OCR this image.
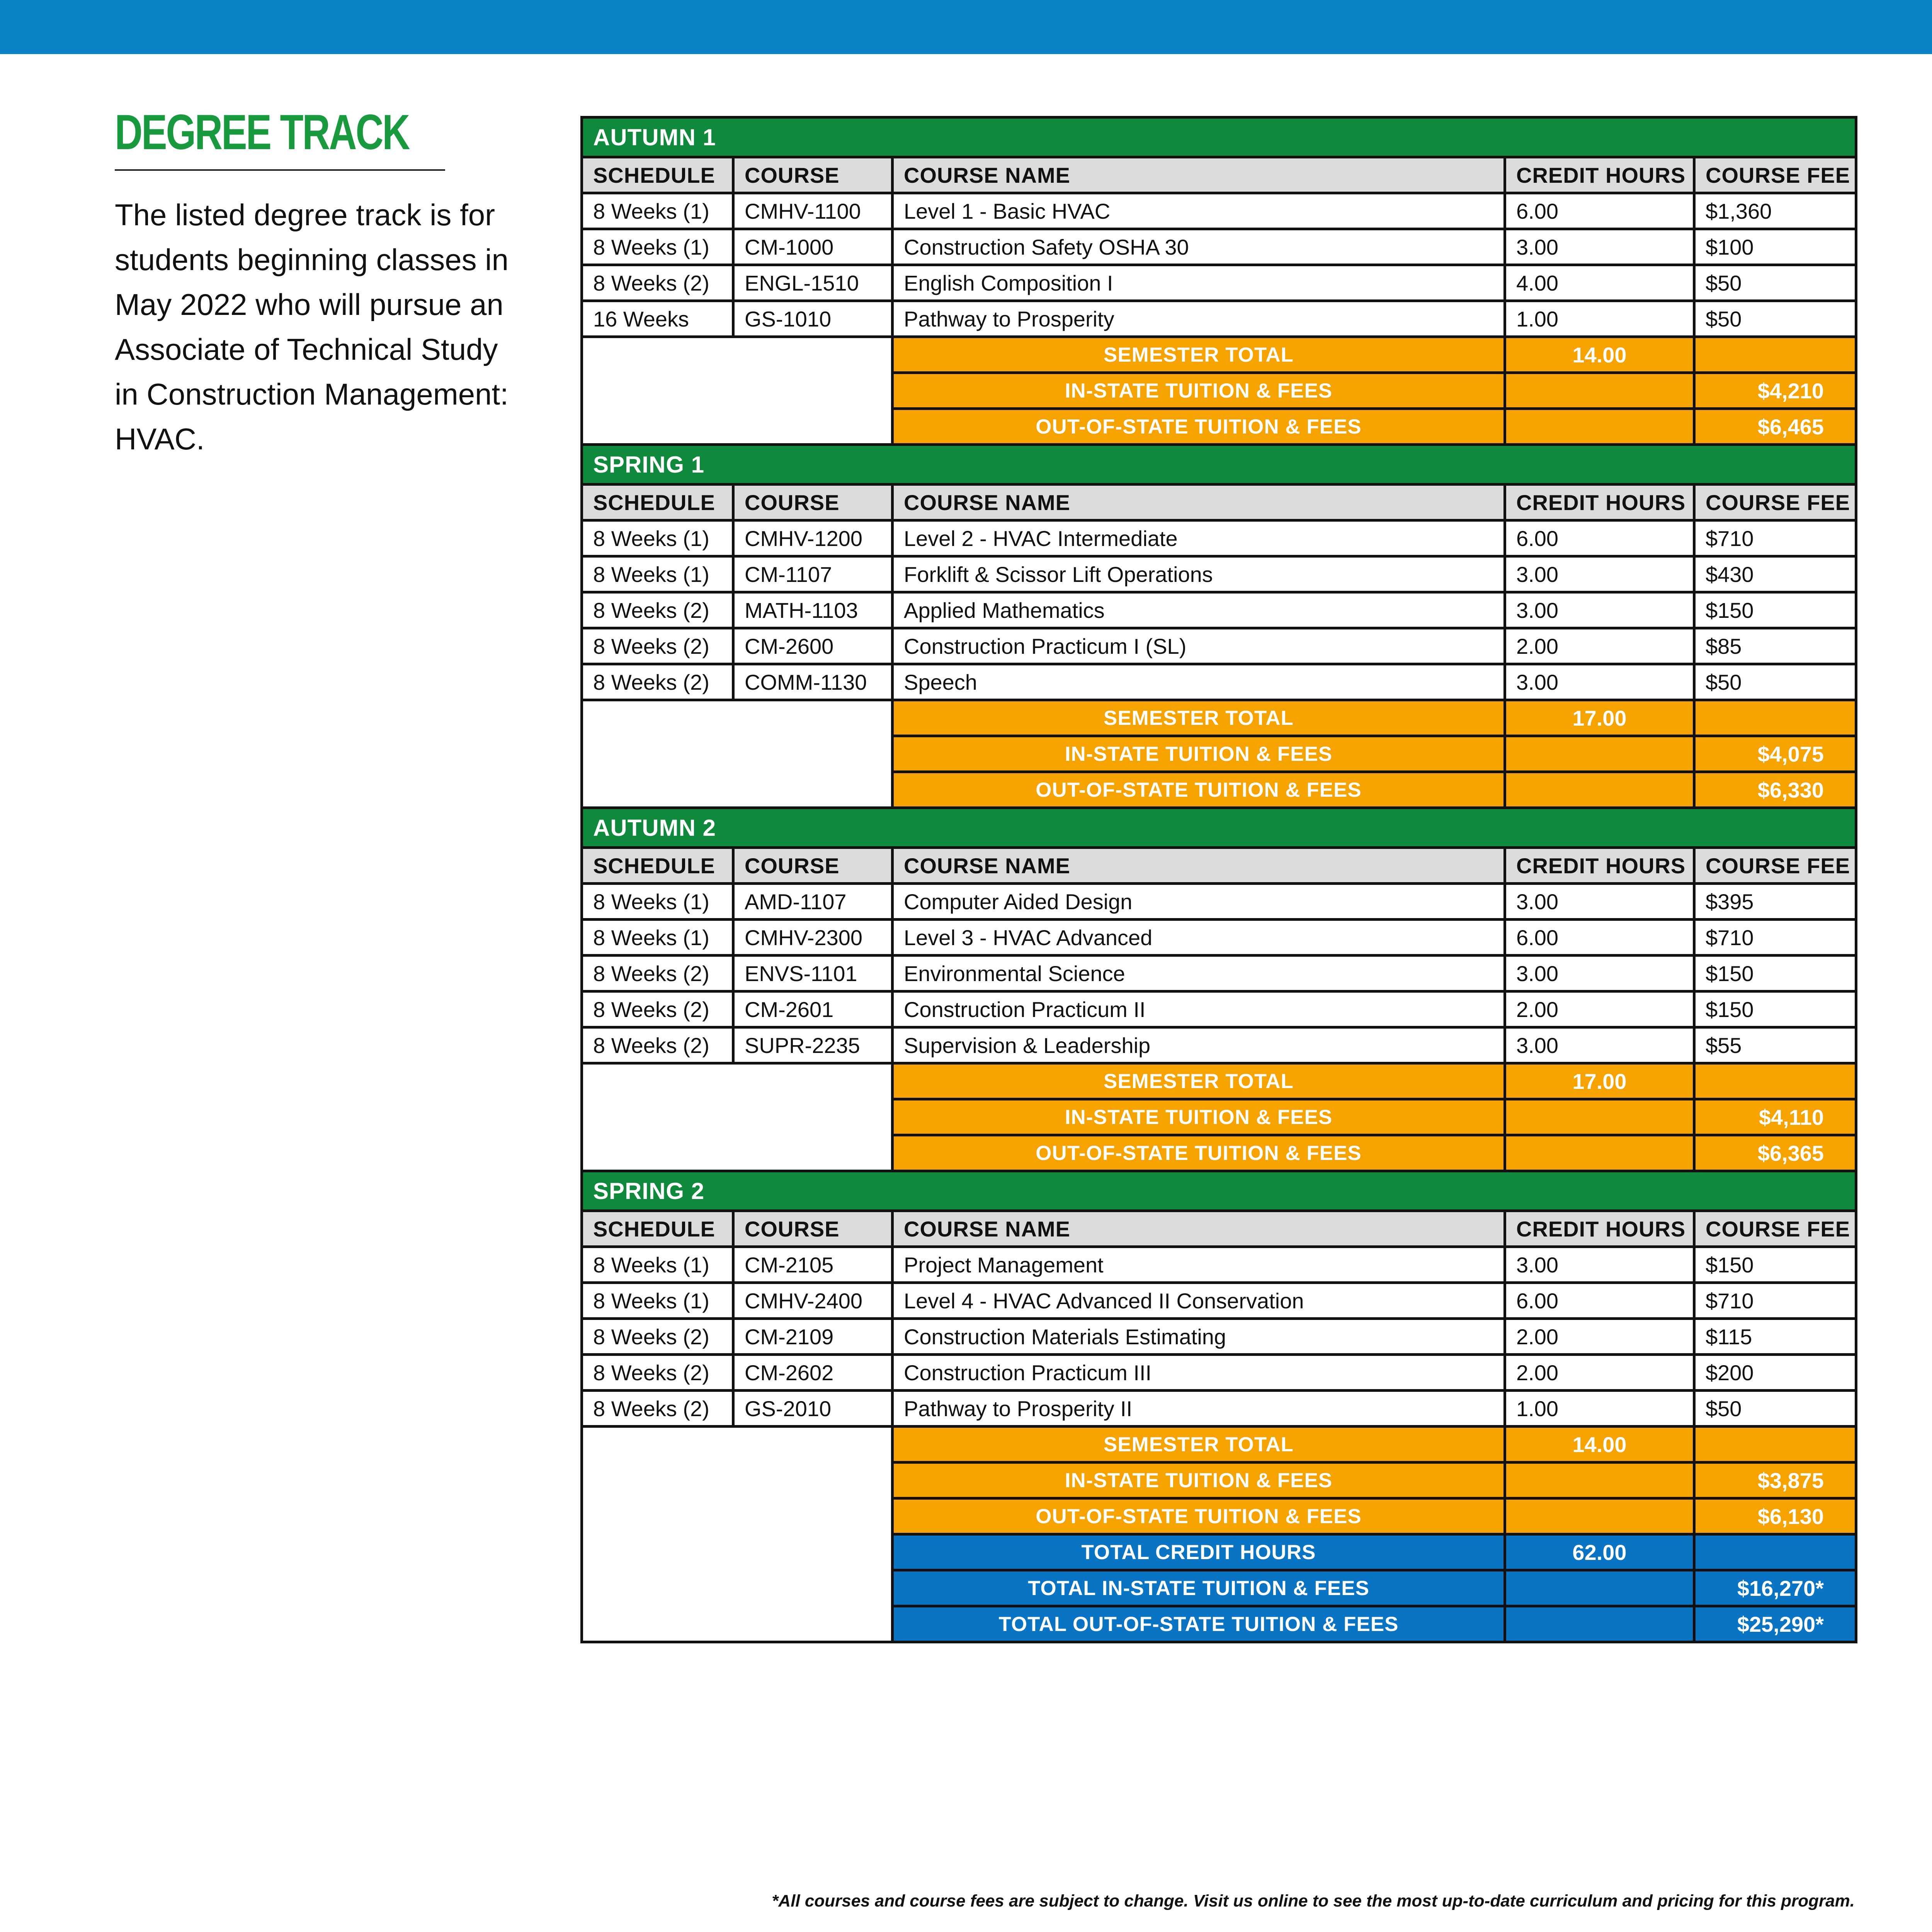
DEGREE TRACK
The listed degree track is for students beginning classes in May 2022 who will pursue an Associate of Technical Study in Construction Management: HVAC.
AUTUMN 1				
SCHEDULE	COURSE	COURSE NAME	CREDIT HOURS	COURSE FEE
8 Weeks (1)	CMHV-1100	Level 1 - Basic HVAC	6.00	$1,360
8 Weeks (1)	CM-1000	Construction Safety OSHA 30	3.00	$100
8 Weeks (2)	ENGL-1510	English Composition I	4.00	$50
16 Weeks	GS-1010	Pathway to Prosperity	1.00	$50
		SEMESTER TOTAL	14.00	
		IN-STATE TUITION & FEES		$4,210
		OUT-OF-STATE TUITION & FEES		$6,465
SPRING 1				
SCHEDULE	COURSE	COURSE NAME	CREDIT HOURS	COURSE FEE
8 Weeks (1)	CMHV-1200	Level 2 - HVAC Intermediate	6.00	$710
8 Weeks (1)	CM-1107	Forklift & Scissor Lift Operations	3.00	$430
8 Weeks (2)	MATH-1103	Applied Mathematics	3.00	$150
8 Weeks (2)	CM-2600	Construction Practicum I (SL)	2.00	$85
8 Weeks (2)	COMM-1130	Speech	3.00	$50
		SEMESTER TOTAL	17.00	
		IN-STATE TUITION & FEES		$4,075
		OUT-OF-STATE TUITION & FEES		$6,330
AUTUMN 2				
SCHEDULE	COURSE	COURSE NAME	CREDIT HOURS	COURSE FEE
8 Weeks (1)	AMD-1107	Computer Aided Design	3.00	$395
8 Weeks (1)	CMHV-2300	Level 3 - HVAC Advanced	6.00	$710
8 Weeks (2)	ENVS-1101	Environmental Science	3.00	$150
8 Weeks (2)	CM-2601	Construction Practicum II	2.00	$150
8 Weeks (2)	SUPR-2235	Supervision & Leadership	3.00	$55
		SEMESTER TOTAL	17.00	
		IN-STATE TUITION & FEES		$4,110
		OUT-OF-STATE TUITION & FEES		$6,365
SPRING 2				
SCHEDULE	COURSE	COURSE NAME	CREDIT HOURS	COURSE FEE
8 Weeks (1)	CM-2105	Project Management	3.00	$150
8 Weeks (1)	CMHV-2400	Level 4 - HVAC Advanced II Conservation	6.00	$710
8 Weeks (2)	CM-2109	Construction Materials Estimating	2.00	$115
8 Weeks (2)	CM-2602	Construction Practicum III	2.00	$200
8 Weeks (2)	GS-2010	Pathway to Prosperity II	1.00	$50
		SEMESTER TOTAL	14.00	
		IN-STATE TUITION & FEES		$3,875
		OUT-OF-STATE TUITION & FEES		$6,130
		TOTAL CREDIT HOURS	62.00	
		TOTAL IN-STATE TUITION & FEES		$16,270*
		TOTAL OUT-OF-STATE TUITION & FEES		$25,290*
*All courses and course fees are subject to change. Visit us online to see the most up-to-date curriculum and pricing for this program.
